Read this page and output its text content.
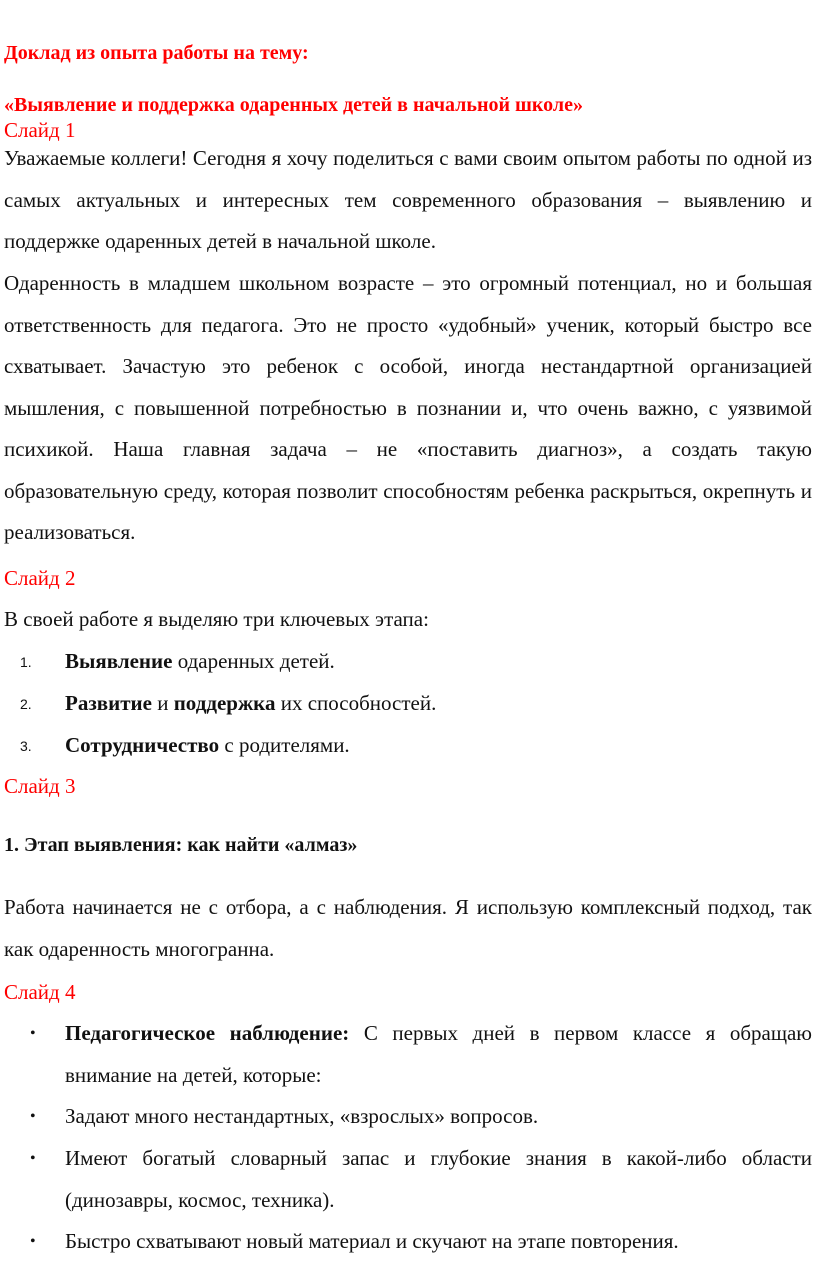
Доклад из опыта работы на тему:
«Выявление и поддержка одаренных детей в начальной школе»
Слайд 1

Уважаемые коллеги! Сегодня я хочу поделиться с вами своим опытом работы по одной из самых актуальных и интересных тем современного образования – выявлению и поддержке одаренных детей в начальной школе.

Одаренность в младшем школьном возрасте – это огромный потенциал, но и большая ответственность для педагога. Это не просто «удобный» ученик, который быстро все схватывает. Зачастую это ребенок с особой, иногда нестандартной организацией мышления, с повышенной потребностью в познании и, что очень важно, с уязвимой психикой. Наша главная задача – не «поставить диагноз», а создать такую образовательную среду, которая позволит способностям ребенка раскрыться, окрепнуть и реализоваться.

Слайд 2
В своей работе я выделяю три ключевых этапа:
1. Выявление одаренных детей.
2. Развитие и поддержка их способностей.
3. Сотрудничество с родителями.
Слайд 3
1. Этап выявления: как найти «алмаз»

Работа начинается не с отбора, а с наблюдения. Я использую комплексный подход, так как одаренность многогранна.

Слайд 4
• Педагогическое наблюдение: С первых дней в первом классе я обращаю внимание на детей, которые:
• Задают много нестандартных, «взрослых» вопросов.
• Имеют богатый словарный запас и глубокие знания в какой-либо области (динозавры, космос, техника).
• Быстро схватывают новый материал и скучают на этапе повторения.
